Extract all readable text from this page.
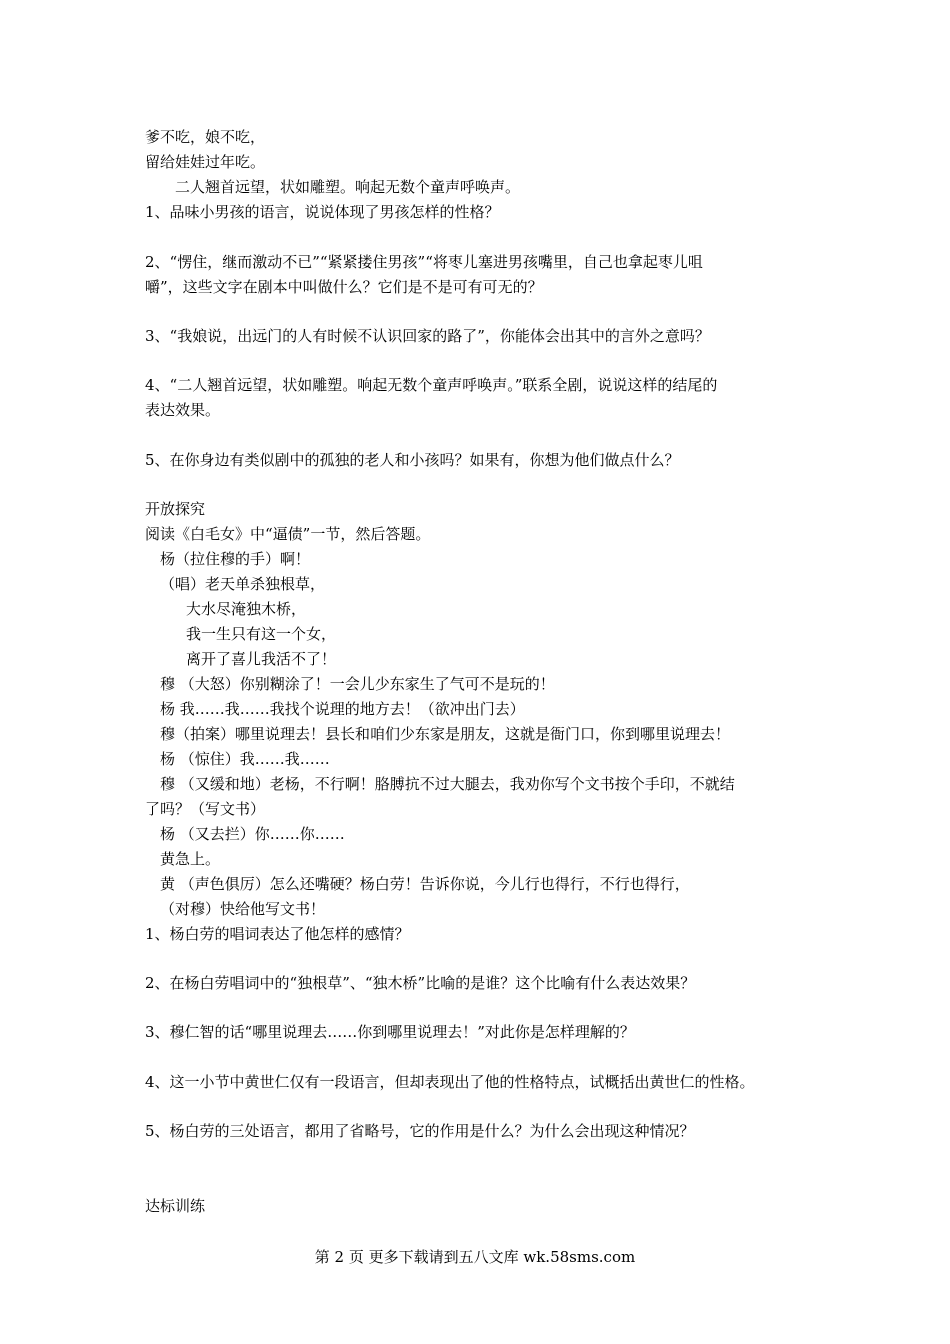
爹不吃，娘不吃，
留给娃娃过年吃。
二人翘首远望，状如雕塑。响起无数个童声呼唤声。
1、品味小男孩的语言，说说体现了男孩怎样的性格？
2、“愣住，继而激动不已”“紧紧搂住男孩”“将枣儿塞进男孩嘴里，自己也拿起枣儿咀
嚼”，这些文字在剧本中叫做什么？它们是不是可有可无的？
3、“我娘说，出远门的人有时候不认识回家的路了”，你能体会出其中的言外之意吗？
4、“二人翘首远望，状如雕塑。响起无数个童声呼唤声。”联系全剧，说说这样的结尾的
表达效果。
5、在你身边有类似剧中的孤独的老人和小孩吗？如果有，你想为他们做点什么？
开放探究
阅读《白毛女》中“逼债”一节，然后答题。
杨（拉住穆的手）啊！
（唱）老天单杀独根草，
大水尽淹独木桥，
我一生只有这一个女，
离开了喜儿我活不了！
穆 （大怒）你别糊涂了！一会儿少东家生了气可不是玩的！
杨 我……我……我找个说理的地方去！（欲冲出门去）
穆（拍案）哪里说理去！县长和咱们少东家是朋友，这就是衙门口，你到哪里说理去！
杨 （惊住）我……我……
穆 （又缓和地）老杨，不行啊！胳膊抗不过大腿去，我劝你写个文书按个手印，不就结
了吗？（写文书）
杨 （又去拦）你……你……
黄急上。
黄 （声色俱厉）怎么还嘴硬？杨白劳！告诉你说，今儿行也得行，不行也得行，
（对穆）快给他写文书！
1、杨白劳的唱词表达了他怎样的感情？
2、在杨白劳唱词中的“独根草”、“独木桥”比喻的是谁？这个比喻有什么表达效果？
3、穆仁智的话“哪里说理去……你到哪里说理去！”对此你是怎样理解的？
4、这一小节中黄世仁仅有一段语言，但却表现出了他的性格特点，试概括出黄世仁的性格。
5、杨白劳的三处语言，都用了省略号，它的作用是什么？为什么会出现这种情况？
达标训练
第 2 页 更多下载请到五八文库 wk.58sms.com
